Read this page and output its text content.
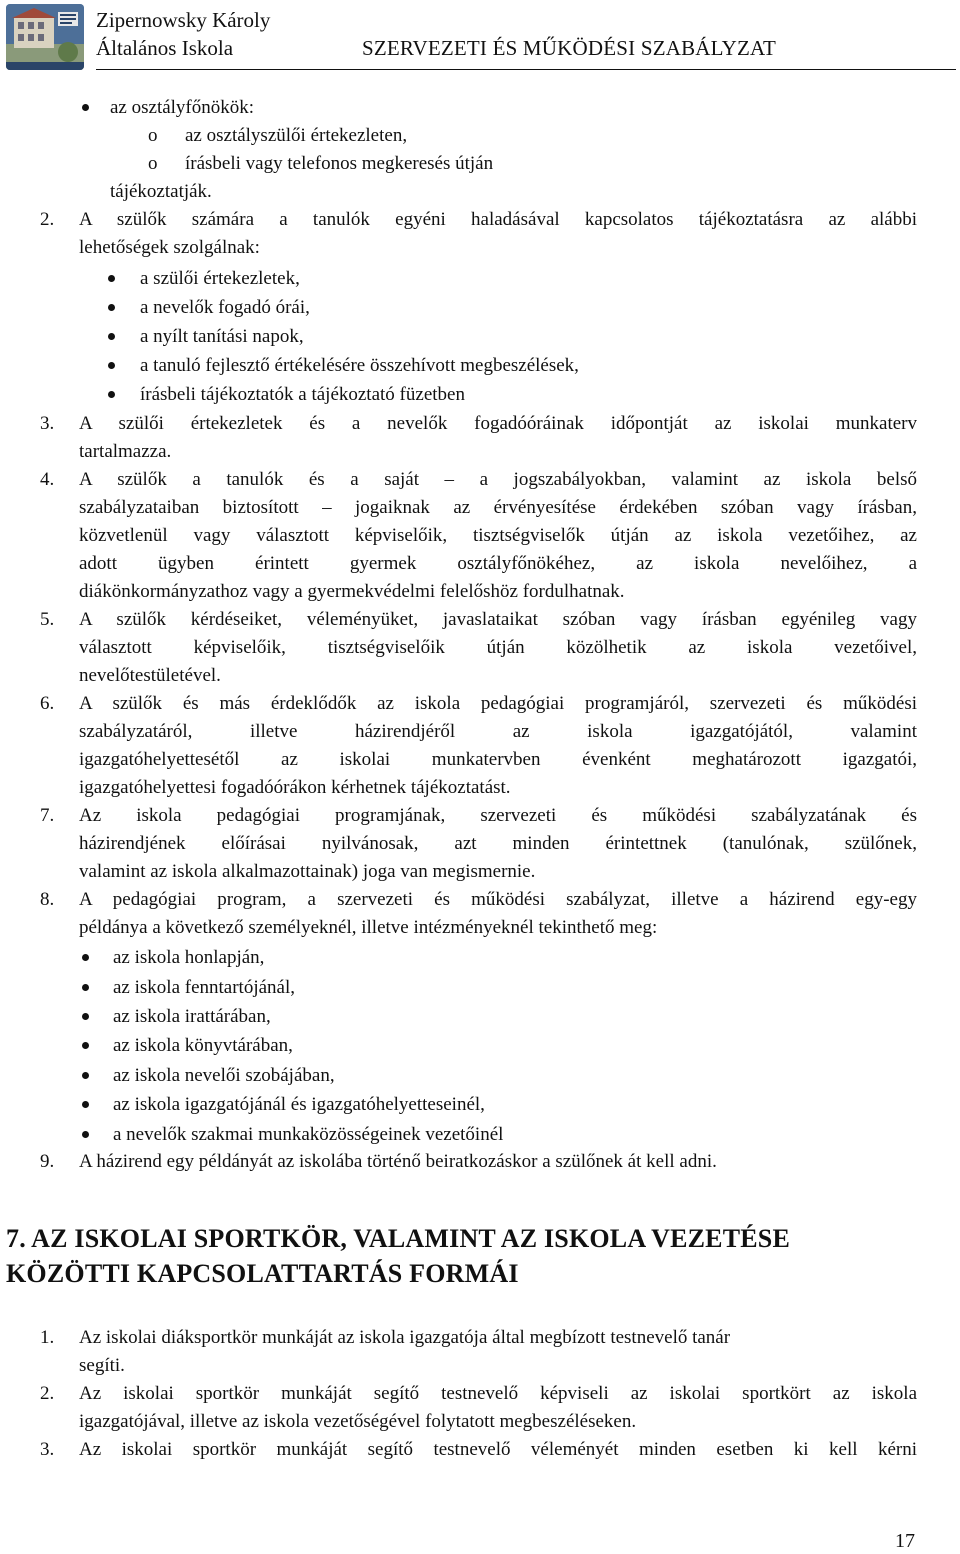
Zipernowsky Károly
Általános Iskola	SZERVEZETI ÉS MŰKÖDÉSI SZABÁLYZAT
az osztályfőnökök:
o az osztályszülői értekezleten,
o írásbeli vagy telefonos megkeresés útján
tájékoztatják.
2. A szülők számára a tanulók egyéni haladásával kapcsolatos tájékoztatásra az alábbi
lehetőségek szolgálnak:
a szülői értekezletek,
a nevelők fogadó órái,
a nyílt tanítási napok,
a tanuló fejlesztő értékelésére összehívott megbeszélések,
írásbeli tájékoztatók a tájékoztató füzetben
3. A szülői értekezletek és a nevelők fogadóóráinak időpontját az iskolai munkaterv
tartalmazza.
4. A szülők a tanulók és a saját – a jogszabályokban, valamint az iskola belső
szabályzataiban biztosított – jogaiknak az érvényesítése érdekében szóban vagy írásban,
közvetlenül vagy választott képviselőik, tisztségviselők útján az iskola vezetőihez, az
adott ügyben érintett gyermek osztályfőnökéhez, az iskola nevelőihez, a
diákönkormányzathoz vagy a gyermekvédelmi felelőshöz fordulhatnak.
5. A szülők kérdéseiket, véleményüket, javaslataikat szóban vagy írásban egyénileg vagy
választott képviselőik, tisztségviselőik útján közölhetik az iskola vezetőivel,
nevelőtestületével.
6. A szülők és más érdeklődők az iskola pedagógiai programjáról, szervezeti és működési
szabályzatáról, illetve házirendjéről az iskola igazgatójától, valamint
igazgatóhelyettesétől az iskolai munkatervben évenként meghatározott igazgatói,
igazgatóhelyettesi fogadóórákon kérhetnek tájékoztatást.
7. Az iskola pedagógiai programjának, szervezeti és működési szabályzatának és
házirendjének előírásai nyilvánosak, azt minden érintettnek (tanulónak, szülőnek,
valamint az iskola alkalmazottainak) joga van megismernie.
8. A pedagógiai program, a szervezeti és működési szabályzat, illetve a házirend egy-egy
példánya a következő személyeknél, illetve intézményeknél tekinthető meg:
az iskola honlapján,
az iskola fenntartójánál,
az iskola irattárában,
az iskola könyvtárában,
az iskola nevelői szobájában,
az iskola igazgatójánál és igazgatóhelyetteseinél,
a nevelők szakmai munkaközösségeinek vezetőinél
9. A házirend egy példányát az iskolába történő beiratkozáskor a szülőnek át kell adni.
7. AZ ISKOLAI SPORTKÖR, VALAMINT AZ ISKOLA VEZETÉSE
KÖZÖTTI KAPCSOLATTARTÁS FORMÁI
1. Az iskolai diáksportkör munkáját az iskola igazgatója által megbízott testnevelő tanár
segíti.
2. Az iskolai sportkör munkáját segítő testnevelő képviseli az iskolai sportkört az iskola
igazgatójával, illetve az iskola vezetőségével folytatott megbeszéléseken.
3. Az iskolai sportkör munkáját segítő testnevelő véleményét minden esetben ki kell kérni
17
